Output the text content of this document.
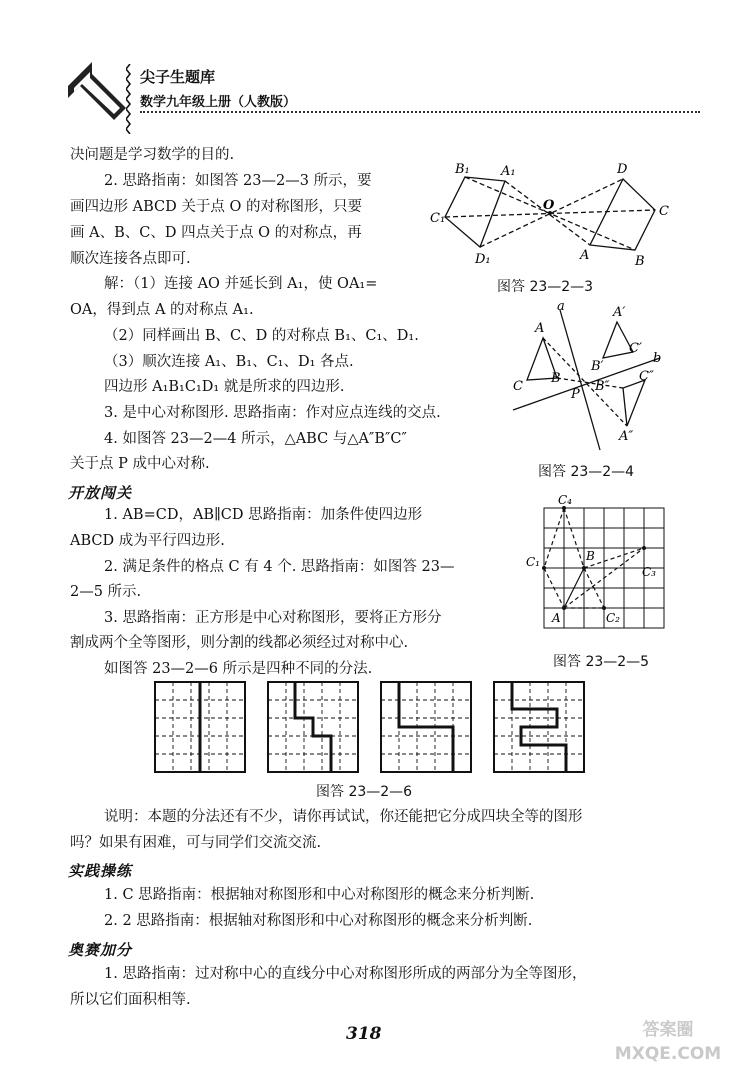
尖子生题库
数学九年级上册（人教版）
决问题是学习数学的目的.
2. 思路指南：如图答 23—2—3 所示，要
画四边形 ABCD 关于点 O 的对称图形，只要
画 A、B、C、D 四点关于点 O 的对称点，再
顺次连接各点即可.
解：（1）连接 AO 并延长到 A₁，使 OA₁=
OA，得到点 A 的对称点 A₁.
（2）同样画出 B、C、D 的对称点 B₁、C₁、D₁.
（3）顺次连接 A₁、B₁、C₁、D₁ 各点.
四边形 A₁B₁C₁D₁ 就是所求的四边形.
3. 是中心对称图形. 思路指南：作对应点连线的交点.
4. 如图答 23—2—4 所示，△ABC 与△A″B″C″
关于点 P 成中心对称.
开放闯关
1. AB=CD，AB∥CD 思路指南：加条件使四边形
ABCD 成为平行四边形.
2. 满足条件的格点 C 有 4 个. 思路指南：如图答 23—
2—5 所示.
3. 思路指南：正方形是中心对称图形，要将正方形分
割成两个全等图形，则分割的线都必须经过对称中心.
如图答 23—2—6 所示是四种不同的分法.
B₁ A₁
C₁
D₁
O
D
C
A	B
图答 23—2—3
a
b
A
A′
B′
C′
C
B
P
B″
C″
A″
图答 23—2—4
C₄
C₁	B
C₃
A	C₂
图答 23—2—5
图答 23—2—6
说明：本题的分法还有不少，请你再试试，你还能把它分成四块全等的图形
吗？如果有困难，可与同学们交流交流.
实践操练
1. C 思路指南：根据轴对称图形和中心对称图形的概念来分析判断.
2. 2 思路指南：根据轴对称图形和中心对称图形的概念来分析判断.
奥赛加分
1. 思路指南：过对称中心的直线分中心对称图形所成的两部分为全等图形，
所以它们面积相等.
318	答案圈 MXQE.COM
